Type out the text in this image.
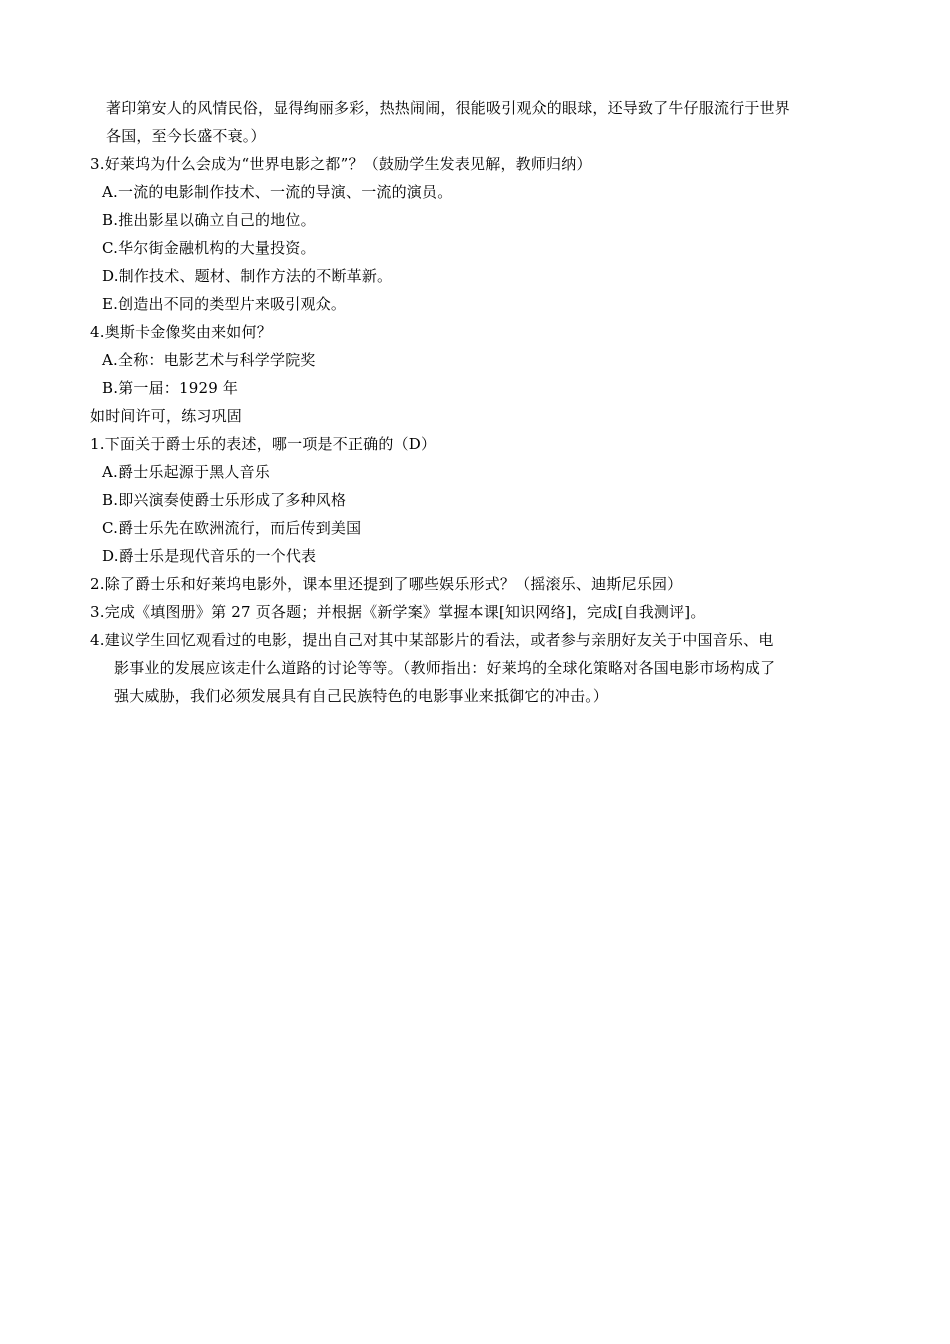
著印第安人的风情民俗，显得绚丽多彩，热热闹闹，很能吸引观众的眼球，还导致了牛仔服流行于世界
各国，至今长盛不衰。）
3.好莱坞为什么会成为“世界电影之都”？（鼓励学生发表见解，教师归纳）
A.一流的电影制作技术、一流的导演、一流的演员。
B.推出影星以确立自己的地位。
C.华尔街金融机构的大量投资。
D.制作技术、题材、制作方法的不断革新。
E.创造出不同的类型片来吸引观众。
4.奥斯卡金像奖由来如何？
A.全称：电影艺术与科学学院奖
B.第一届：1929 年
如时间许可，练习巩固
1.下面关于爵士乐的表述，哪一项是不正确的（D）
A.爵士乐起源于黑人音乐
B.即兴演奏使爵士乐形成了多种风格
C.爵士乐先在欧洲流行，而后传到美国
D.爵士乐是现代音乐的一个代表
2.除了爵士乐和好莱坞电影外，课本里还提到了哪些娱乐形式？（摇滚乐、迪斯尼乐园）
3.完成《填图册》第 27 页各题；并根据《新学案》掌握本课[知识网络]，完成[自我测评]。
4.建议学生回忆观看过的电影，提出自己对其中某部影片的看法，或者参与亲朋好友关于中国音乐、电
影事业的发展应该走什么道路的讨论等等。（教师指出：好莱坞的全球化策略对各国电影市场构成了
强大威胁，我们必须发展具有自己民族特色的电影事业来抵御它的冲击。）
